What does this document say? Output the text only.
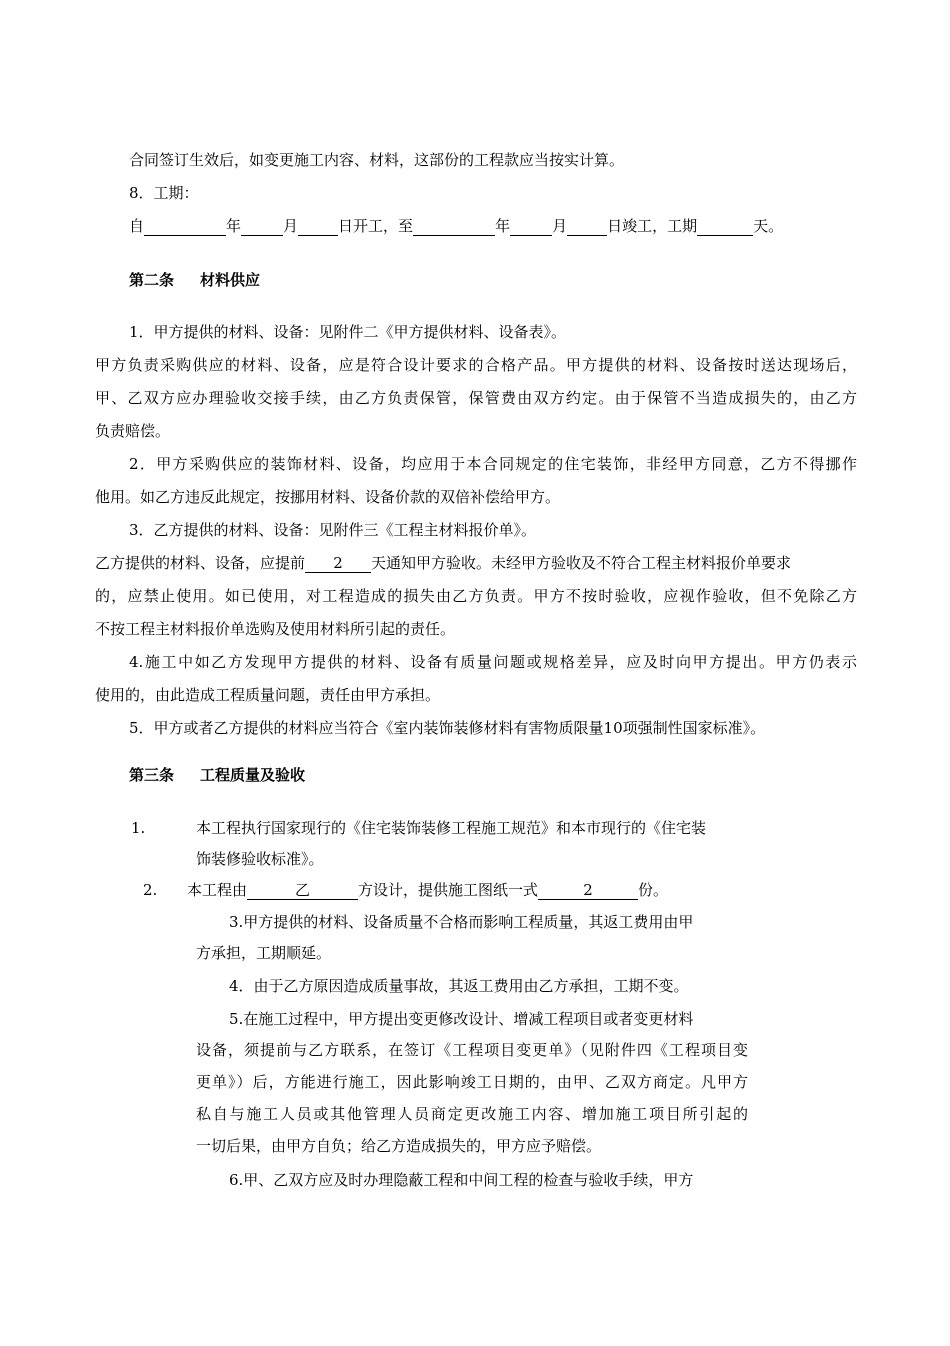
合同签订生效后，如变更施工内容、材料，这部份的工程款应当按实计算。
8．工期：
自	年	月	日开工，至	年	月	日竣工，工期	天。
第二条 材料供应
1．甲方提供的材料、设备：见附件二《甲方提供材料、设备表》。
甲方负责采购供应的材料、设备，应是符合设计要求的合格产品。甲方提供的材料、设备按时送达现场后，
甲、乙双方应办理验收交接手续，由乙方负责保管，保管费由双方约定。由于保管不当造成损失的，由乙方
负责赔偿。
2．甲方采购供应的装饰材料、设备，均应用于本合同规定的住宅装饰，非经甲方同意，乙方不得挪作
他用。如乙方违反此规定，按挪用材料、设备价款的双倍补偿给甲方。
3．乙方提供的材料、设备：见附件三《工程主材料报价单》。
乙方提供的材料、设备，应提前 2 天通知甲方验收。未经甲方验收及不符合工程主材料报价单要求
的，应禁止使用。如已使用，对工程造成的损失由乙方负责。甲方不按时验收，应视作验收，但不免除乙方
不按工程主材料报价单选购及使用材料所引起的责任。
4.施工中如乙方发现甲方提供的材料、设备有质量问题或规格差异，应及时向甲方提出。甲方仍表示
使用的，由此造成工程质量问题，责任由甲方承担。
5．甲方或者乙方提供的材料应当符合《室内装饰装修材料有害物质限量10项强制性国家标准》。
第三条 工程质量及验收
1.	本工程执行国家现行的《住宅装饰装修工程施工规范》和本市现行的《住宅装
饰装修验收标准》。
2. 本工程由	乙	方设计，提供施工图纸一式	2	份。
3.甲方提供的材料、设备质量不合格而影响工程质量，其返工费用由甲
方承担，工期顺延。
4．由于乙方原因造成质量事故，其返工费用由乙方承担，工期不变。
5.在施工过程中，甲方提出变更修改设计、增减工程项目或者变更材料
设备，须提前与乙方联系，在签订《工程项目变更单》（见附件四《工程项目变
更单》）后，方能进行施工，因此影响竣工日期的，由甲、乙双方商定。凡甲方
私自与施工人员或其他管理人员商定更改施工内容、增加施工项目所引起的
一切后果，由甲方自负；给乙方造成损失的，甲方应予赔偿。
6.甲、乙双方应及时办理隐蔽工程和中间工程的检查与验收手续，甲方
